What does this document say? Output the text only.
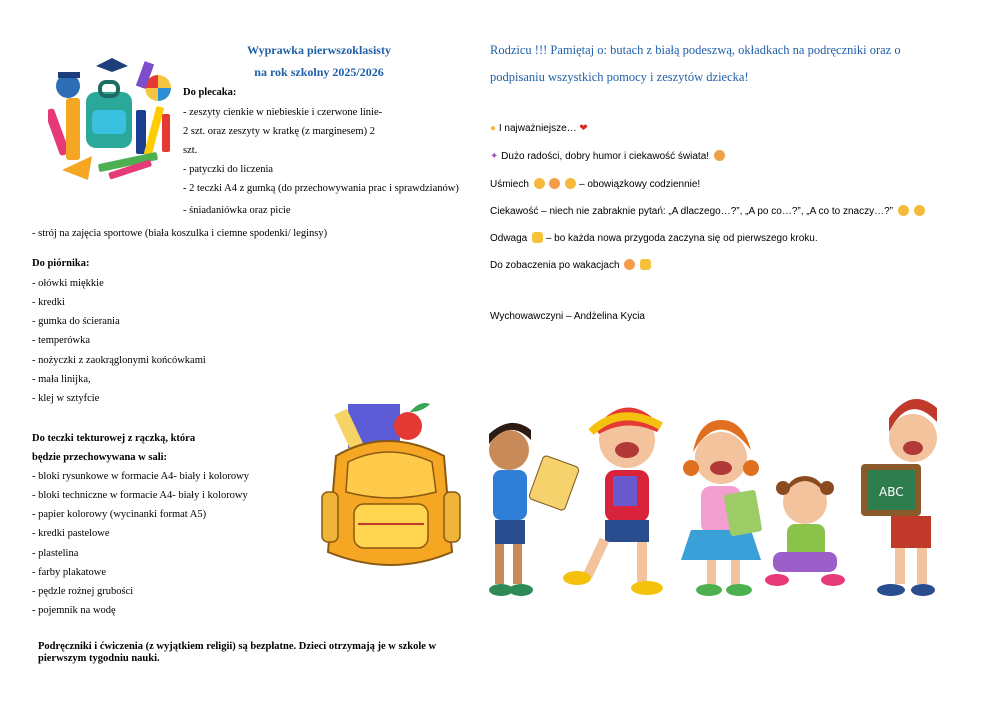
Wyprawka pierwszoklasisty
na rok szkolny 2025/2026
Do plecaka:
- zeszyty cienkie w niebieskie i czerwone linie-
2 szt. oraz zeszyty w kratkę (z marginesem) 2
szt.
- patyczki do liczenia
- 2 teczki A4 z gumką (do przechowywania prac i sprawdzianów)
- śniadaniówka oraz picie
- strój na zajęcia sportowe (biała koszulka i ciemne spodenki/ leginsy)
Do piórnika:
- ołówki miękkie
- kredki
- gumka do ścierania
- temperówka
- nożyczki z zaokrąglonymi końcówkami
- mała linijka,
- klej w sztyfcie
Do teczki tekturowej z rączką, która
będzie przechowywana w sali:
- bloki rysunkowe w formacie A4- biały i kolorowy
- bloki techniczne w formacie A4- biały i kolorowy
- papier kolorowy (wycinanki format A5)
- kredki pastelowe
- plastelina
- farby plakatowe
- pędzle rożnej grubości
- pojemnik na wodę
Podręczniki i ćwiczenia (z wyjątkiem religii) są bezpłatne. Dzieci otrzymają je w szkole w
pierwszym tygodniu nauki.
Rodzicu !!! Pamiętaj o: butach z białą podeszwą, okładkach na podręczniki oraz o
podpisaniu wszystkich pomocy i zeszytów dziecka!
● I najważniejsze… ❤
✦ Dużo radości, dobry humor i ciekawość świata!
Uśmiech	– obowiązkowy codziennie!
Ciekawość – niech nie zabraknie pytań: „A dlaczego…?”, „A po co…?”, „A co to znaczy…?”
Odwaga – bo każda nowa przygoda zaczyna się od pierwszego kroku.
Do zobaczenia po wakacjach
Wychowawczyni – Andżelina Kycia
ABC
